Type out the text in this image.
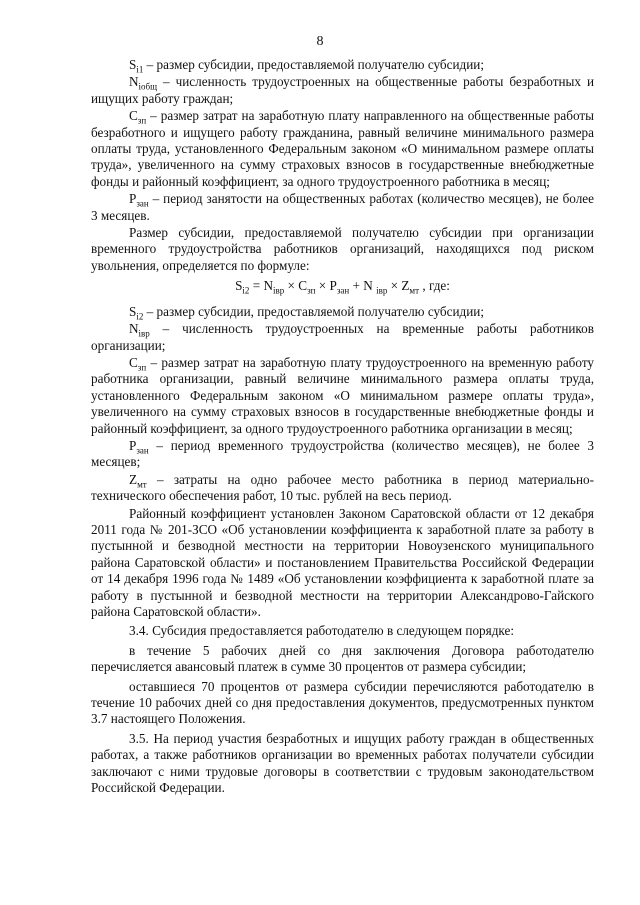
8

$S_{i1}$ – размер субсидии, предоставляемой получателю субсидии;

$N_{iобщ}$ – численность трудоустроенных на общественные работы безработных и ищущих работу граждан;

$C_{зп}$ – размер затрат на заработную плату направленного на общественные работы безработного и ищущего работу гражданина, равный величине минимального размера оплаты труда, установленного Федеральным законом «О минимальном размере оплаты труда», увеличенного на сумму страховых взносов в государственные внебюджетные фонды и районный коэффициент, за одного трудоустроенного работника в месяц;

$P_{зан}$ – период занятости на общественных работах (количество месяцев), не более 3 месяцев.

Размер субсидии, предоставляемой получателю субсидии при организации временного трудоустройства работников организаций, находящихся под риском увольнения, определяется по формуле:

$S_{i2} = N_{iвр} \times C_{зп} \times P_{зан} + N$ $_{iвр} \times Z_{мт}$ , где:

$S_{i2}$ – размер субсидии, предоставляемой получателю субсидии;

$N_{iвр}$ – численность трудоустроенных на временные работы работников организации;

$C_{зп}$ – размер затрат на заработную плату трудоустроенного на временную работу работника организации, равный величине минимального размера оплаты труда, установленного Федеральным законом «О минимальном размере оплаты труда», увеличенного на сумму страховых взносов в государственные внебюджетные фонды и районный коэффициент, за одного трудоустроенного работника организации в месяц;

$P_{зан}$ – период временного трудоустройства (количество месяцев), не более 3 месяцев;

$Z_{мт}$ – затраты на одно рабочее место работника в период материально-технического обеспечения работ, 10 тыс. рублей на весь период.

Районный коэффициент установлен Законом Саратовской области от 12 декабря 2011 года № 201-ЗСО «Об установлении коэффициента к заработной плате за работу в пустынной и безводной местности на территории Новоузенского муниципального района Саратовской области» и постановлением Правительства Российской Федерации от 14 декабря 1996 года № 1489 «Об установлении коэффициента к заработной плате за работу в пустынной и безводной местности на территории Александрово-Гайского района Саратовской области».

3.4. Субсидия предоставляется работодателю в следующем порядке:

в течение 5 рабочих дней со дня заключения Договора работодателю перечисляется авансовый платеж в сумме 30 процентов от размера субсидии;

оставшиеся 70 процентов от размера субсидии перечисляются работодателю в течение 10 рабочих дней со дня предоставления документов, предусмотренных пунктом 3.7 настоящего Положения.

3.5. На период участия безработных и ищущих работу граждан в общественных работах, а также работников организации во временных работах получатели субсидии заключают с ними трудовые договоры в соответствии с трудовым законодательством Российской Федерации.
